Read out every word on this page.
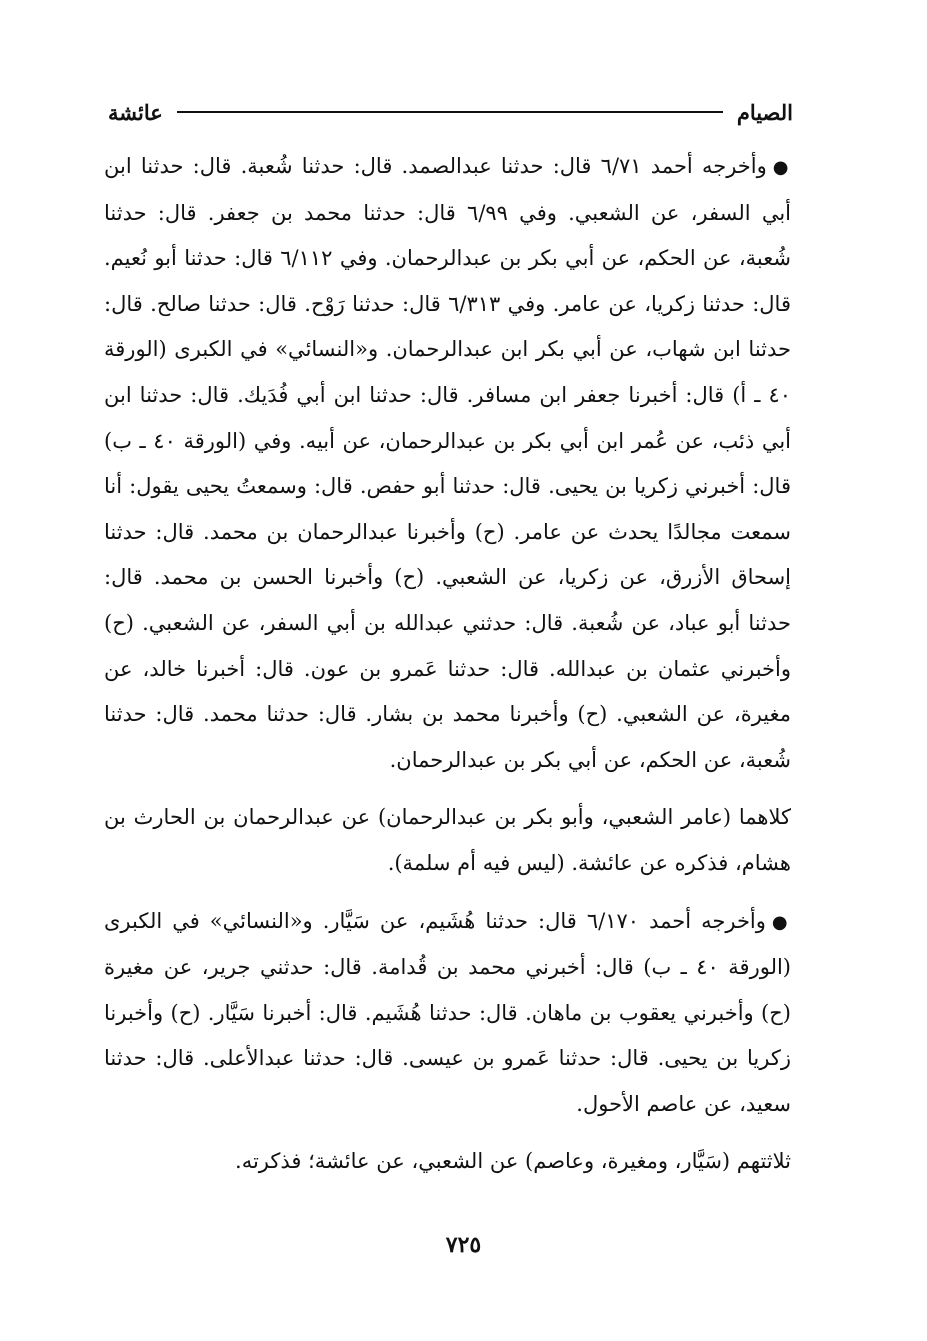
الصيام
عائشة

●وأخرجه أحمد ٦/٧١ قال: حدثنا عبدالصمد. قال: حدثنا شُعبة. قال: حدثنا ابن أبي السفر، عن الشعبي. وفي ٦/٩٩ قال: حدثنا محمد بن جعفر. قال: حدثنا شُعبة، عن الحكم، عن أبي بكر بن عبدالرحمان. وفي ٦/١١٢ قال: حدثنا أبو نُعيم. قال: حدثنا زكريا، عن عامر. وفي ٦/٣١٣ قال: حدثنا رَوْح. قال: حدثنا صالح. قال: حدثنا ابن شهاب، عن أبي بكر ابن عبدالرحمان. و«النسائي» في الكبرى (الورقة ٤٠ ـ أ) قال: أخبرنا جعفر ابن مسافر. قال: حدثنا ابن أبي فُدَيك. قال: حدثنا ابن أبي ذئب، عن عُمر ابن أبي بكر بن عبدالرحمان، عن أبيه. وفي (الورقة ٤٠ ـ ب) قال: أخبرني زكريا بن يحيى. قال: حدثنا أبو حفص. قال: وسمعتُ يحيى يقول: أنا سمعت مجالدًا يحدث عن عامر. (ح) وأخبرنا عبدالرحمان بن محمد. قال: حدثنا إسحاق الأزرق، عن زكريا، عن الشعبي. (ح) وأخبرنا الحسن بن محمد. قال: حدثنا أبو عباد، عن شُعبة. قال: حدثني عبدالله بن أبي السفر، عن الشعبي. (ح) وأخبرني عثمان بن عبدالله. قال: حدثنا عَمرو بن عون. قال: أخبرنا خالد، عن مغيرة، عن الشعبي. (ح) وأخبرنا محمد بن بشار. قال: حدثنا محمد. قال: حدثنا شُعبة، عن الحكم، عن أبي بكر بن عبدالرحمان.

كلاهما (عامر الشعبي، وأبو بكر بن عبدالرحمان) عن عبدالرحمان بن الحارث بن هشام، فذكره عن عائشة. (ليس فيه أم سلمة).

●وأخرجه أحمد ٦/١٧٠ قال: حدثنا هُشَيم، عن سَيَّار. و«النسائي» في الكبرى (الورقة ٤٠ ـ ب) قال: أخبرني محمد بن قُدامة. قال: حدثني جرير، عن مغيرة (ح) وأخبرني يعقوب بن ماهان. قال: حدثنا هُشَيم. قال: أخبرنا سَيَّار. (ح) وأخبرنا زكريا بن يحيى. قال: حدثنا عَمرو بن عيسى. قال: حدثنا عبدالأعلى. قال: حدثنا سعيد، عن عاصم الأحول.

ثلاثتهم (سَيَّار، ومغيرة، وعاصم) عن الشعبي، عن عائشة؛ فذكرته.

٧٢٥
